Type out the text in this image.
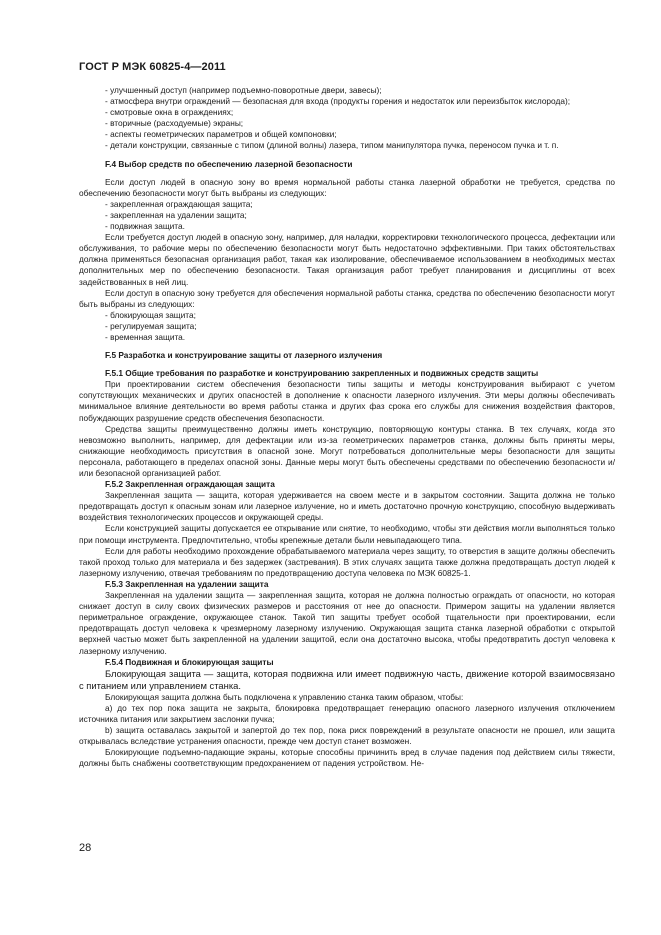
ГОСТ Р МЭК 60825-4—2011

- улучшенный доступ (например подъемно-поворотные двери, завесы);

- атмосфера внутри ограждений — безопасная для входа (продукты горения и недостаток или переизбыток кислорода);

- смотровые окна в ограждениях;

- вторичные (расходуемые) экраны;

- аспекты геометрических параметров и общей компоновки;

- детали конструкции, связанные с типом (длиной волны) лазера, типом манипулятора пучка, переносом пучка и т. п.

F.4 Выбор средств по обеспечению лазерной безопасности

Если доступ людей в опасную зону во время нормальной работы станка лазерной обработки не требуется, средства по обеспечению безопасности могут быть выбраны из следующих:

- закрепленная ограждающая защита;

- закрепленная на удалении защита;

- подвижная защита.

Если требуется доступ людей в опасную зону, например, для наладки, корректировки технологического процесса, дефектации или обслуживания, то рабочие меры по обеспечению безопасности могут быть недостаточно эффективными. При таких обстоятельствах должна применяться безопасная организация работ, такая как изолирование, обеспечиваемое использованием в необходимых местах дополнительных мер по обеспечению безопасности. Такая организация работ требует планирования и дисциплины от всех задействованных в ней лиц.

Если доступ в опасную зону требуется для обеспечения нормальной работы станка, средства по обеспечению безопасности могут быть выбраны из следующих:

- блокирующая защита;

- регулируемая защита;

- временная защита.

F.5 Разработка и конструирование защиты от лазерного излучения

F.5.1 Общие требования по разработке и конструированию закрепленных и подвижных средств защиты

При проектировании систем обеспечения безопасности типы защиты и методы конструирования выбирают с учетом сопутствующих механических и других опасностей в дополнение к опасности лазерного излучения. Эти меры должны обеспечивать минимальное влияние деятельности во время работы станка и других фаз срока его службы для снижения воздействия факторов, побуждающих разрушение средств обеспечения безопасности.

Средства защиты преимущественно должны иметь конструкцию, повторяющую контуры станка. В тех случаях, когда это невозможно выполнить, например, для дефектации или из-за геометрических параметров станка, должны быть приняты меры, снижающие необходимость присутствия в опасной зоне. Могут потребоваться дополнительные меры безопасности для защиты персонала, работающего в пределах опасной зоны. Данные меры могут быть обеспечены средствами по обеспечению безопасности и/или безопасной организацией работ.

F.5.2 Закрепленная ограждающая защита

Закрепленная защита — защита, которая удерживается на своем месте и в закрытом состоянии. Защита должна не только предотвращать доступ к опасным зонам или лазерное излучение, но и иметь достаточно прочную конструкцию, способную выдерживать воздействия технологических процессов и окружающей среды.

Если конструкцией защиты допускается ее открывание или снятие, то необходимо, чтобы эти действия могли выполняться только при помощи инструмента. Предпочтительно, чтобы крепежные детали были невыпадающего типа.

Если для работы необходимо прохождение обрабатываемого материала через защиту, то отверстия в защите должны обеспечить такой проход только для материала и без задержек (застревания). В этих случаях защита также должна предотвращать доступ людей к лазерному излучению, отвечая требованиям по предотвращению доступа человека по МЭК 60825-1.

F.5.3 Закрепленная на удалении защита

Закрепленная на удалении защита — закрепленная защита, которая не должна полностью ограждать от опасности, но которая снижает доступ в силу своих физических размеров и расстояния от нее до опасности. Примером защиты на удалении является периметральное ограждение, окружающее станок. Такой тип защиты требует особой тщательности при проектировании, если предотвращать доступ человека к чрезмерному лазерному излучению. Окружающая защита станка лазерной обработки с открытой верхней частью может быть закрепленной на удалении защитой, если она достаточно высока, чтобы предотвратить доступ человека к лазерному излучению.

F.5.4 Подвижная и блокирующая защиты

Блокирующая защита — защита, которая подвижна или имеет подвижную часть, движение которой взаимосвязано с питанием или управлением станка.

Блокирующая защита должна быть подключена к управлению станка таким образом, чтобы:

а) до тех пор пока защита не закрыта, блокировка предотвращает генерацию опасного лазерного излучения отключением источника питания или закрытием заслонки пучка;

b) защита оставалась закрытой и запертой до тех пор, пока риск повреждений в результате опасности не прошел, или защита открывалась вследствие устранения опасности, прежде чем доступ станет возможен.

Блокирующие подъемно-падающие экраны, которые способны причинить вред в случае падения под действием силы тяжести, должны быть снабжены соответствующим предохранением от падения устройством. Не-

28
